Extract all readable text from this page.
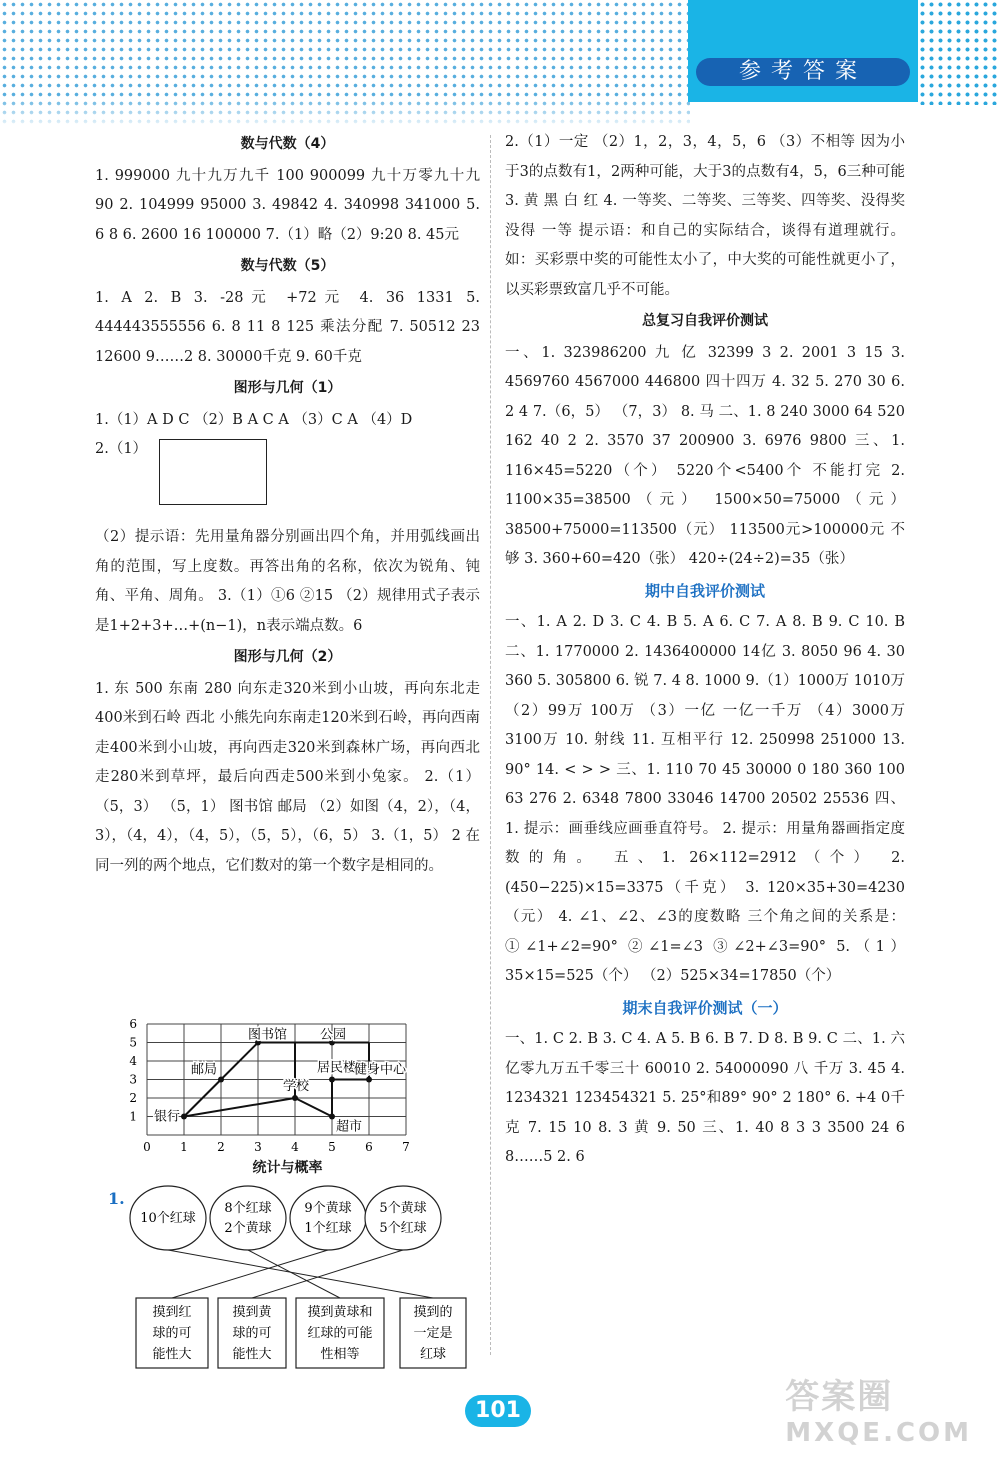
参考答案
数与代数（4）
1. 999000 九十九万九千 100 900099 九十万零九十九 90 2. 104999 95000 3. 49842 4. 340998 341000 5. 6 8 6. 2600 16 100000 7.（1）略（2）9:20 8. 45元
数与代数（5）
1. A 2. B 3. -28元 +72元 4. 36 1331 5. 444443555556 6. 8 11 8 125 乘法分配 7. 50512 23 12600 9……2 8. 30000千克 9. 60千克
图形与几何（1）
1.（1）A D C （2）B A C A （3）C A （4）D
2.（1）
（2）提示语：先用量角器分别画出四个角，并用弧线画出角的范围，写上度数。再答出角的名称，依次为锐角、钝角、平角、周角。 3.（1）①6 ②15 （2）规律用式子表示是1+2+3+…+(n−1)，n表示端点数。6
图形与几何（2）
1. 东 500 东南 280 向东走320米到小山坡，再向东北走400米到石岭 西北 小熊先向东南走120米到石岭，再向西南走400米到小山坡，再向西走320米到森林广场，再向西北走280米到草坪，最后向西走500米到小兔家。 2.（1）（5，3） （5，1） 图书馆 邮局 （2）如图（4，2），（4，3），（4，4），（4，5），（5，5），（6，5） 3.（1，5） 2 在同一列的两个地点，它们数对的第一个数字是相同的。
0 1 2 3 4 5 6 7
1
2
3
4
5
6
银行
邮局
图书馆	公园
学校
居民楼
健身中心
超市
统计与概率
1.
10个红球
8个红球
2个黄球
9个黄球
1个红球
5个黄球
5个红球
摸到红
球的可
能性大
摸到黄
球的可
能性大
摸到黄球和
红球的可能
性相等
摸到的
一定是
红球
2.（1）一定 （2）1，2，3，4，5，6 （3）不相等 因为小于3的点数有1，2两种可能，大于3的点数有4，5，6三种可能 3. 黄 黑 白 红 4. 一等奖、二等奖、三等奖、四等奖、没得奖 没得 一等 提示语：和自己的实际结合，谈得有道理就行。如：买彩票中奖的可能性太小了，中大奖的可能性就更小了，以买彩票致富几乎不可能。
总复习自我评价测试
一、1. 323986200 九 亿 32399 3 2. 2001 3 15 3. 4569760 4567000 446800 四十四万 4. 32 5. 270 30 6. 2 4 7.（6，5） （7，3） 8. 马 二、1. 8 240 3000 64 520 162 40 2 2. 3570 37 200900 3. 6976 9800 三、1. 116×45=5220（个） 5220个<5400个 不能打完 2. 1100×35=38500（元） 1500×50=75000（元） 38500+75000=113500（元） 113500元>100000元 不够 3. 360+60=420（张） 420÷(24÷2)=35（张）
期中自我评价测试
一、1. A 2. D 3. C 4. B 5. A 6. C 7. A 8. B 9. C 10. B 二、1. 1770000 2. 1436400000 14亿 3. 8050 96 4. 30 360 5. 305800 6. 锐 7. 4 8. 1000 9.（1）1000万 1010万 （2）99万 100万 （3）一亿 一亿一千万 （4）3000万 3100万 10. 射线 11. 互相平行 12. 250998 251000 13. 90° 14. < > > 三、1. 110 70 45 30000 0 180 360 100 63 276 2. 6348 7800 33046 14700 20502 25536 四、1. 提示：画垂线应画垂直符号。 2. 提示：用量角器画指定度数的角。 五、1. 26×112=2912（个） 2. (450−225)×15=3375（千克） 3. 120×35+30=4230（元） 4. ∠1、∠2、∠3的度数略 三个角之间的关系是：①∠1+∠2=90° ②∠1=∠3 ③∠2+∠3=90° 5.（1）35×15=525（个） （2）525×34=17850（个）
期末自我评价测试（一）
一、1. C 2. B 3. C 4. A 5. B 6. B 7. D 8. B 9. C 二、1. 六亿零九万五千零三十 60010 2. 54000090 八 千万 3. 45 4. 1234321 123454321 5. 25°和89° 90° 2 180° 6. +4 0千克 7. 15 10 8. 3 黄 9. 50 三、1. 40 8 3 3 3500 24 6 8……5 2. 6
101	答案圈
MXQE.COM
